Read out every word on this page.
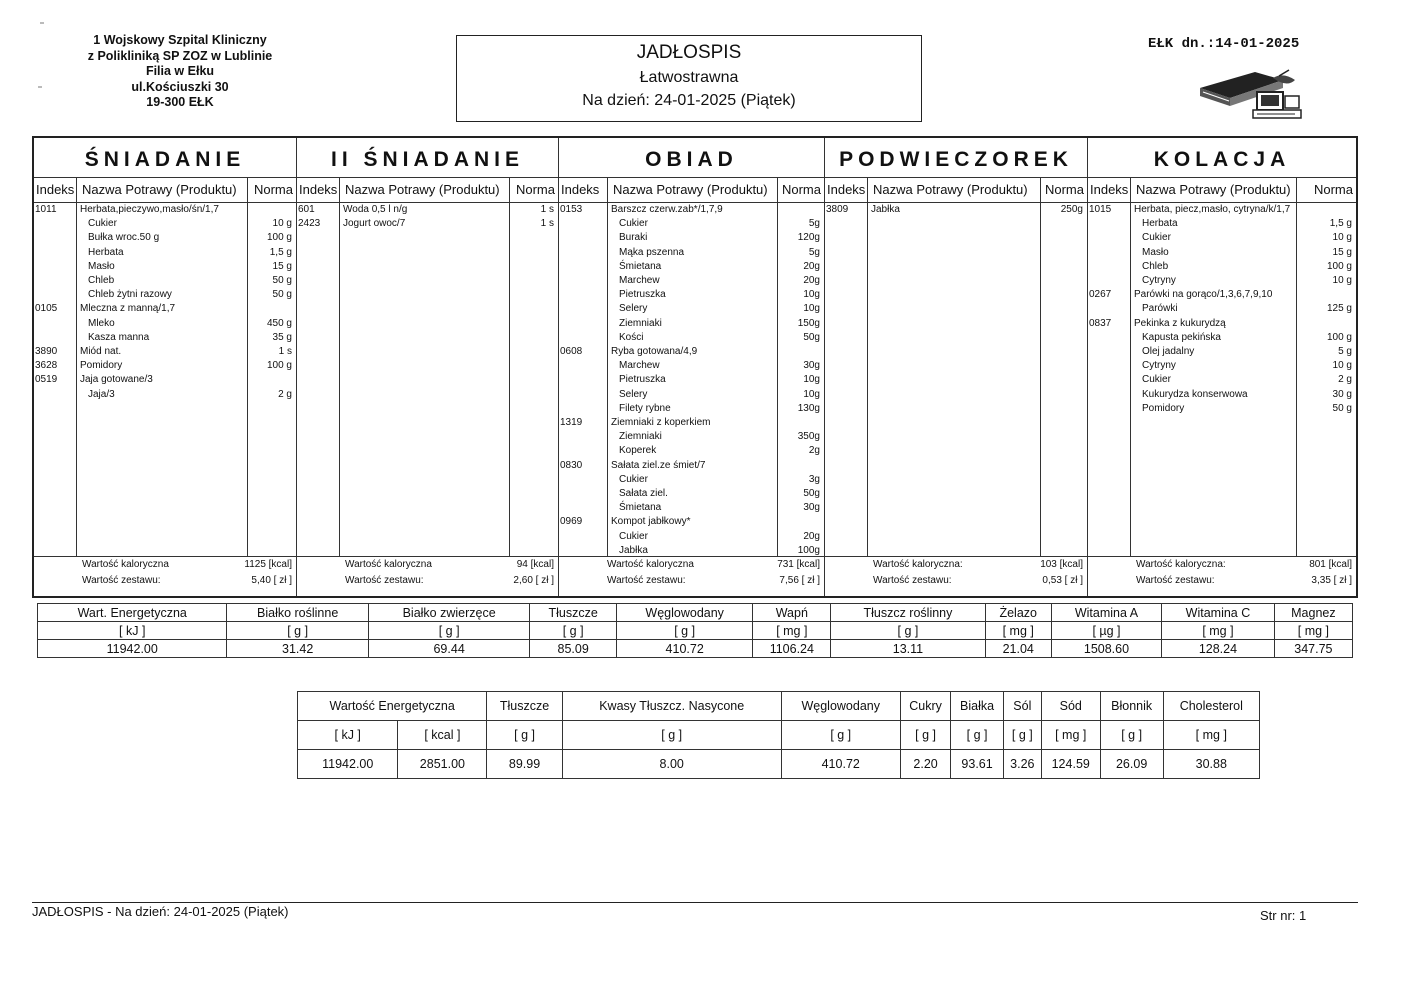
1 Wojskowy Szpital Kliniczny
z Polikliniką SP ZOZ w Lublinie
Filia w Ełku
ul.Kościuszki 30
19-300 EŁK
JADŁOSPIS
Łatwostrawna
Na dzień: 24-01-2025 (Piątek)
EŁK dn.:14-01-2025
ŚNIADANIE
Indeks Nazwa Potrawy (Produktu) Norma
1011 Herbata,pieczywo,masło/śn/1,7
Cukier	10 g
Bułka wroc.50 g	100 g
Herbata	1,5 g
Masło	15 g
Chleb	50 g
Chleb żytni razowy	50 g
0105 Mleczna z manną/1,7
Mleko	450 g
Kasza manna	35 g
3890 Miód nat.	1 s
3628 Pomidory	100 g
0519 Jaja gotowane/3
Jaja/3	2 g
Wartość kaloryczna	1125 [kcal]
Wartość zestawu:	5,40 [ zł ]
II ŚNIADANIE
Indeks Nazwa Potrawy (Produktu) Norma
601	Woda 0,5 l n/g	1 s
2423 Jogurt owoc/7	1 s
Wartość kaloryczna	94 [kcal]
Wartość zestawu:	2,60 [ zł ]
OBIAD
Indeks Nazwa Potrawy (Produktu) Norma
0153	Barszcz czerw.zab*/1,7,9
Cukier	5g
Buraki	120g
Mąka pszenna	5g
Śmietana	20g
Marchew	20g
Pietruszka	10g
Selery	10g
Ziemniaki	150g
Kości	50g
0608	Ryba gotowana/4,9
Marchew	30g
Pietruszka	10g
Selery	10g
Filety rybne	130g
1319	Ziemniaki z koperkiem
Ziemniaki	350g
Koperek	2g
0830	Sałata ziel.ze śmiet/7
Cukier	3g
Sałata ziel.	50g
Śmietana	30g
0969	Kompot jabłkowy*
Cukier	20g
Jabłka	100g
Wartość kaloryczna	731 [kcal]
Wartość zestawu:	7,56 [ zł ]
PODWIECZOREK
Indeks Nazwa Potrawy (Produktu) Norma
3809 Jabłka	250g
Wartość kaloryczna:	103 [kcal]
Wartość zestawu:	0,53 [ zł ]
KOLACJA
Indeks Nazwa Potrawy (Produktu) Norma
1015 Herbata, piecz,masło, cytryna/k/1,7
Herbata	1,5 g
Cukier	10 g
Masło	15 g
Chleb	100 g
Cytryny	10 g
0267 Parówki na gorąco/1,3,6,7,9,10
Parówki	125 g
0837 Pekinka z kukurydzą
Kapusta pekińska	100 g
Olej jadalny	5 g
Cytryny	10 g
Cukier	2 g
Kukurydza konserwowa	30 g
Pomidory	50 g
Wartość kaloryczna:	801 [kcal]
Wartość zestawu:	3,35 [ zł ]
Wart. Energetyczna	Białko roślinne	Białko zwierzęce	Tłuszcze	Węglowodany	Wapń	Tłuszcz roślinny	Żelazo	Witamina A	Witamina C	Magnez
[ kJ ]	[ g ]	[ g ]	[ g ]	[ g ]	[ mg ]	[ g ]	[ mg ]	[ µg ]	[ mg ]	[ mg ]
11942.00	31.42	69.44	85.09	410.72	1106.24	13.11	21.04	1508.60	128.24	347.75
Wartość Energetyczna		Tłuszcze	Kwasy Tłuszcz. Nasycone	Węglowodany	Cukry	Białka	Sól	Sód	Błonnik	Cholesterol
[ kJ ]	[ kcal ]	[ g ]	[ g ]	[ g ]	[ g ]	[ g ]	[ g ]	[ mg ]	[ g ]	[ mg ]
11942.00	2851.00	89.99	8.00	410.72	2.20	93.61	3.26	124.59	26.09	30.88
JADŁOSPIS - Na dzień: 24-01-2025 (Piątek)	Str nr: 1
